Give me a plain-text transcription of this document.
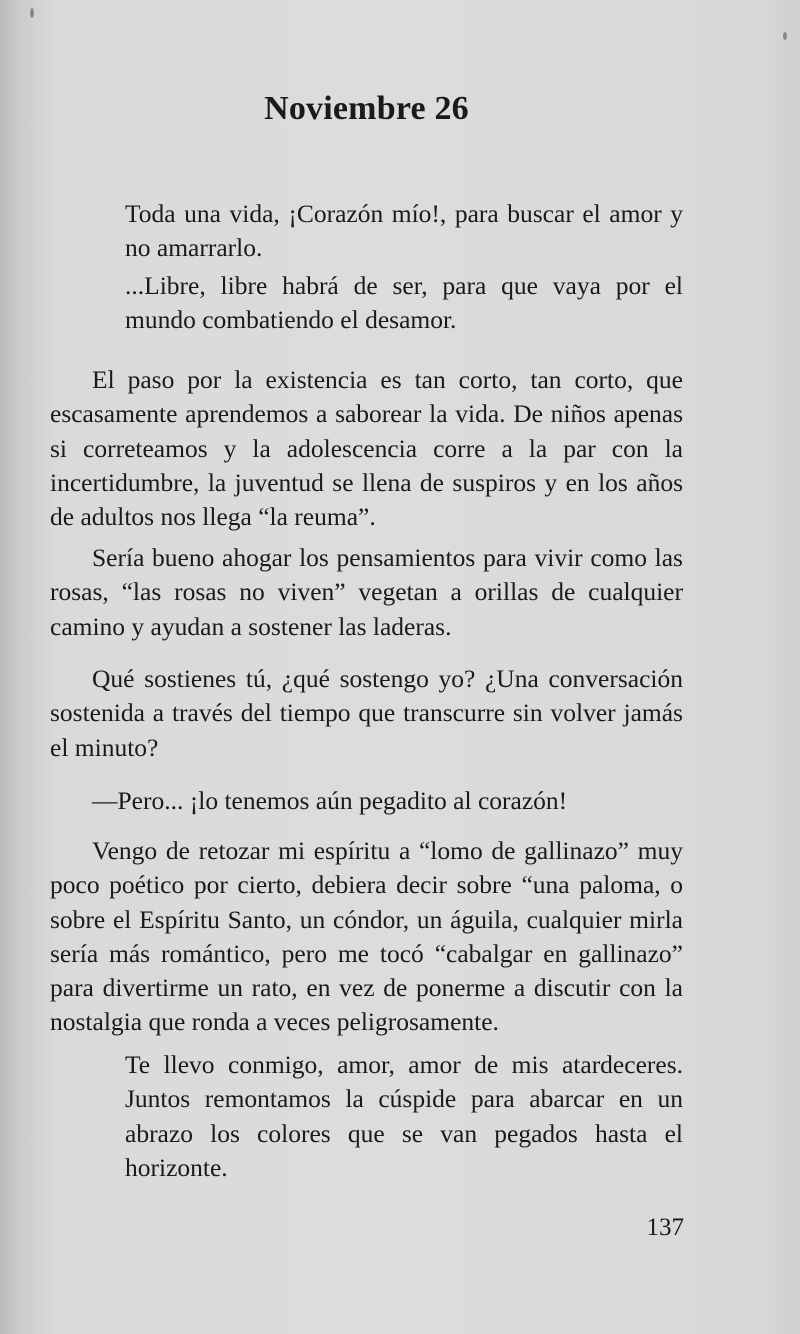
Noviembre 26

Toda una vida, ¡Corazón mío!, para buscar el amor y no amarrarlo.

...Libre, libre habrá de ser, para que vaya por el mundo combatiendo el desamor.

El paso por la existencia es tan corto, tan corto, que escasamente aprendemos a saborear la vida. De niños apenas si correteamos y la adolescencia corre a la par con la incertidumbre, la juventud se llena de suspiros y en los años de adultos nos llega “la reuma”.

Sería bueno ahogar los pensamientos para vivir como las rosas, “las rosas no viven” vegetan a orillas de cualquier camino y ayudan a sostener las laderas.

Qué sostienes tú, ¿qué sostengo yo? ¿Una conversación sostenida a través del tiempo que transcurre sin volver jamás el minuto?

—Pero... ¡lo tenemos aún pegadito al corazón!

Vengo de retozar mi espíritu a “lomo de gallinazo” muy poco poético por cierto, debiera decir sobre “una paloma, o sobre el Espíritu Santo, un cóndor, un águila, cualquier mirla sería más romántico, pero me tocó “cabalgar en gallinazo” para divertirme un rato, en vez de ponerme a discutir con la nostalgia que ronda a veces peligrosamente.

Te llevo conmigo, amor, amor de mis atardeceres. Juntos remontamos la cúspide para abarcar en un abrazo los colores que se van pegados hasta el horizonte.

137
